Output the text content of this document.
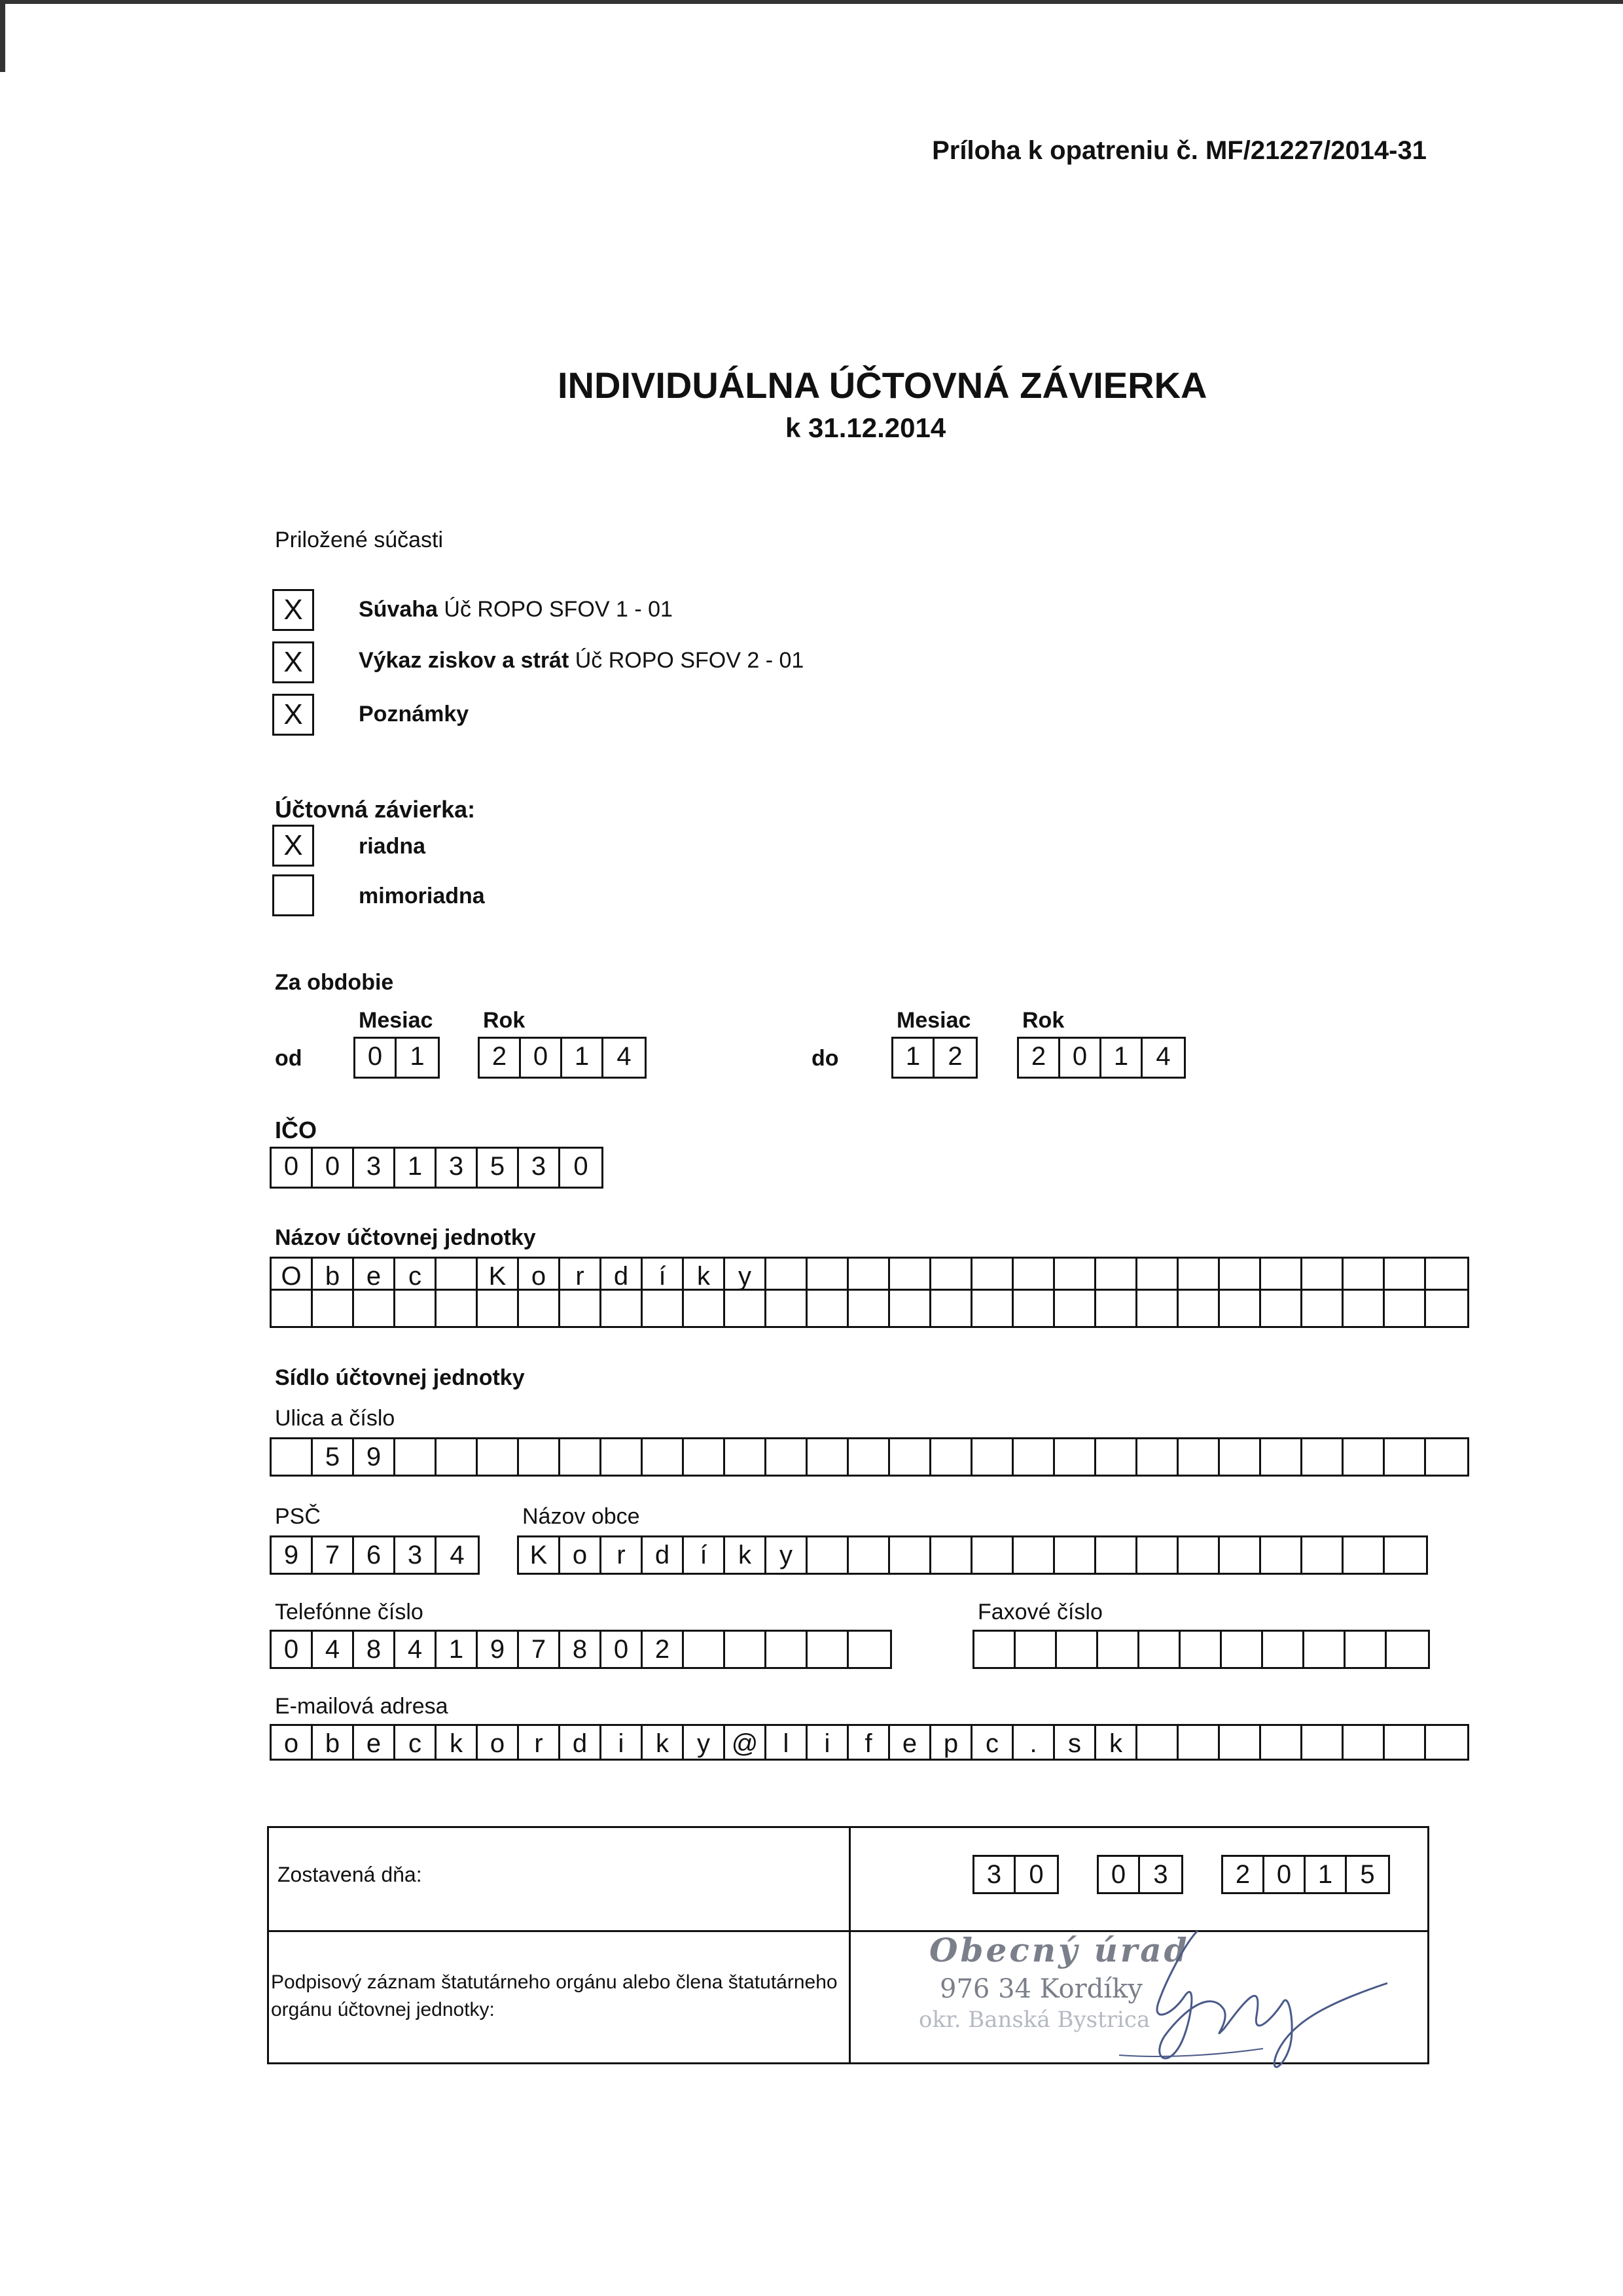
Príloha k opatreniu č. MF/21227/2014-31
INDIVIDUÁLNA ÚČTOVNÁ ZÁVIERKA
k 31.12.2014
Priložené súčasti
X	Súvaha Úč ROPO SFOV 1 - 01
X	Výkaz ziskov a strát Úč ROPO SFOV 2 - 01
X	Poznámky
Účtovná závierka:
X	riadna
mimoriadna
Za obdobie
Mesiac Rok
od	0	1	2	0	1	4
Mesiac Rok
do	1	2	2	0	1	4
IČO
0	0	3	1	3	5	3	0
Názov účtovnej jednotky
O b	e	c	K o	r	d	í	k	y
Sídlo účtovnej jednotky
Ulica a číslo
5	9
PSČ
9	7	6	3	4
Názov obce
K o	r	d	í	k	y
Telefónne číslo
0	4	8	4	1	9	7	8	0	2
Faxové číslo
E-mailová adresa
o	b	e	c	k	o	r	d	i	k	y @ l	i	f	e	p	c	.	s	k
Zostavená dňa:	3	0	0	3	2	0	1	5
Podpisový záznam štatutárneho orgánu alebo člena štatutárneho
orgánu účtovnej jednotky:
Obecný úrad
976 34 Kordíky
okr. Banská Bystrica
